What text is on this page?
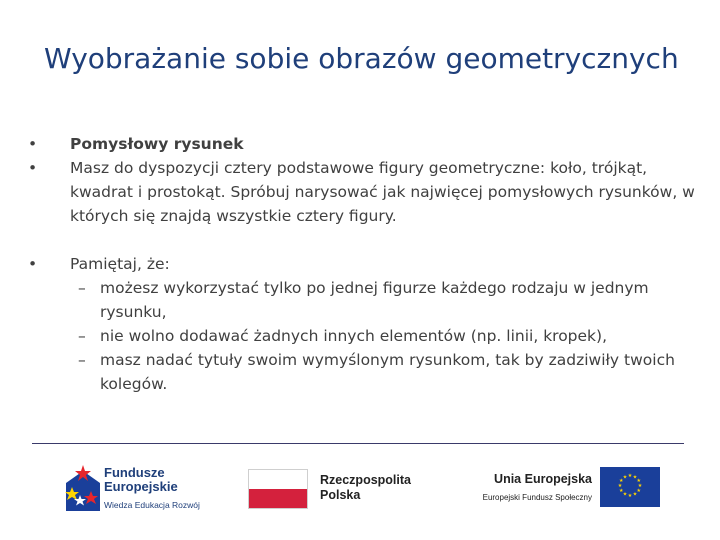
Wyobrażanie sobie obrazów geometrycznych
•	Pomysłowy rysunek
•	Masz do dyspozycji cztery podstawowe figury geometryczne: koło, trójkąt, kwadrat i prostokąt. Spróbuj narysować jak najwięcej pomysłowych rysunków, w których się znajdą wszystkie cztery figury.
•	Pamiętaj, że:
– możesz wykorzystać tylko po jednej figurze każdego rodzaju w jednym rysunku,
– nie wolno dodawać żadnych innych elementów (np. linii, kropek),
– masz nadać tytuły swoim wymyślonym rysunkom, tak by zadziwiły twoich kolegów.
Fundusze
Europejskie
Wiedza Edukacja Rozwój
Rzeczpospolita
Polska
Unia Europejska
Europejski Fundusz Społeczny
★ ★
★
★
★
★
★
★
★
★
★
★
